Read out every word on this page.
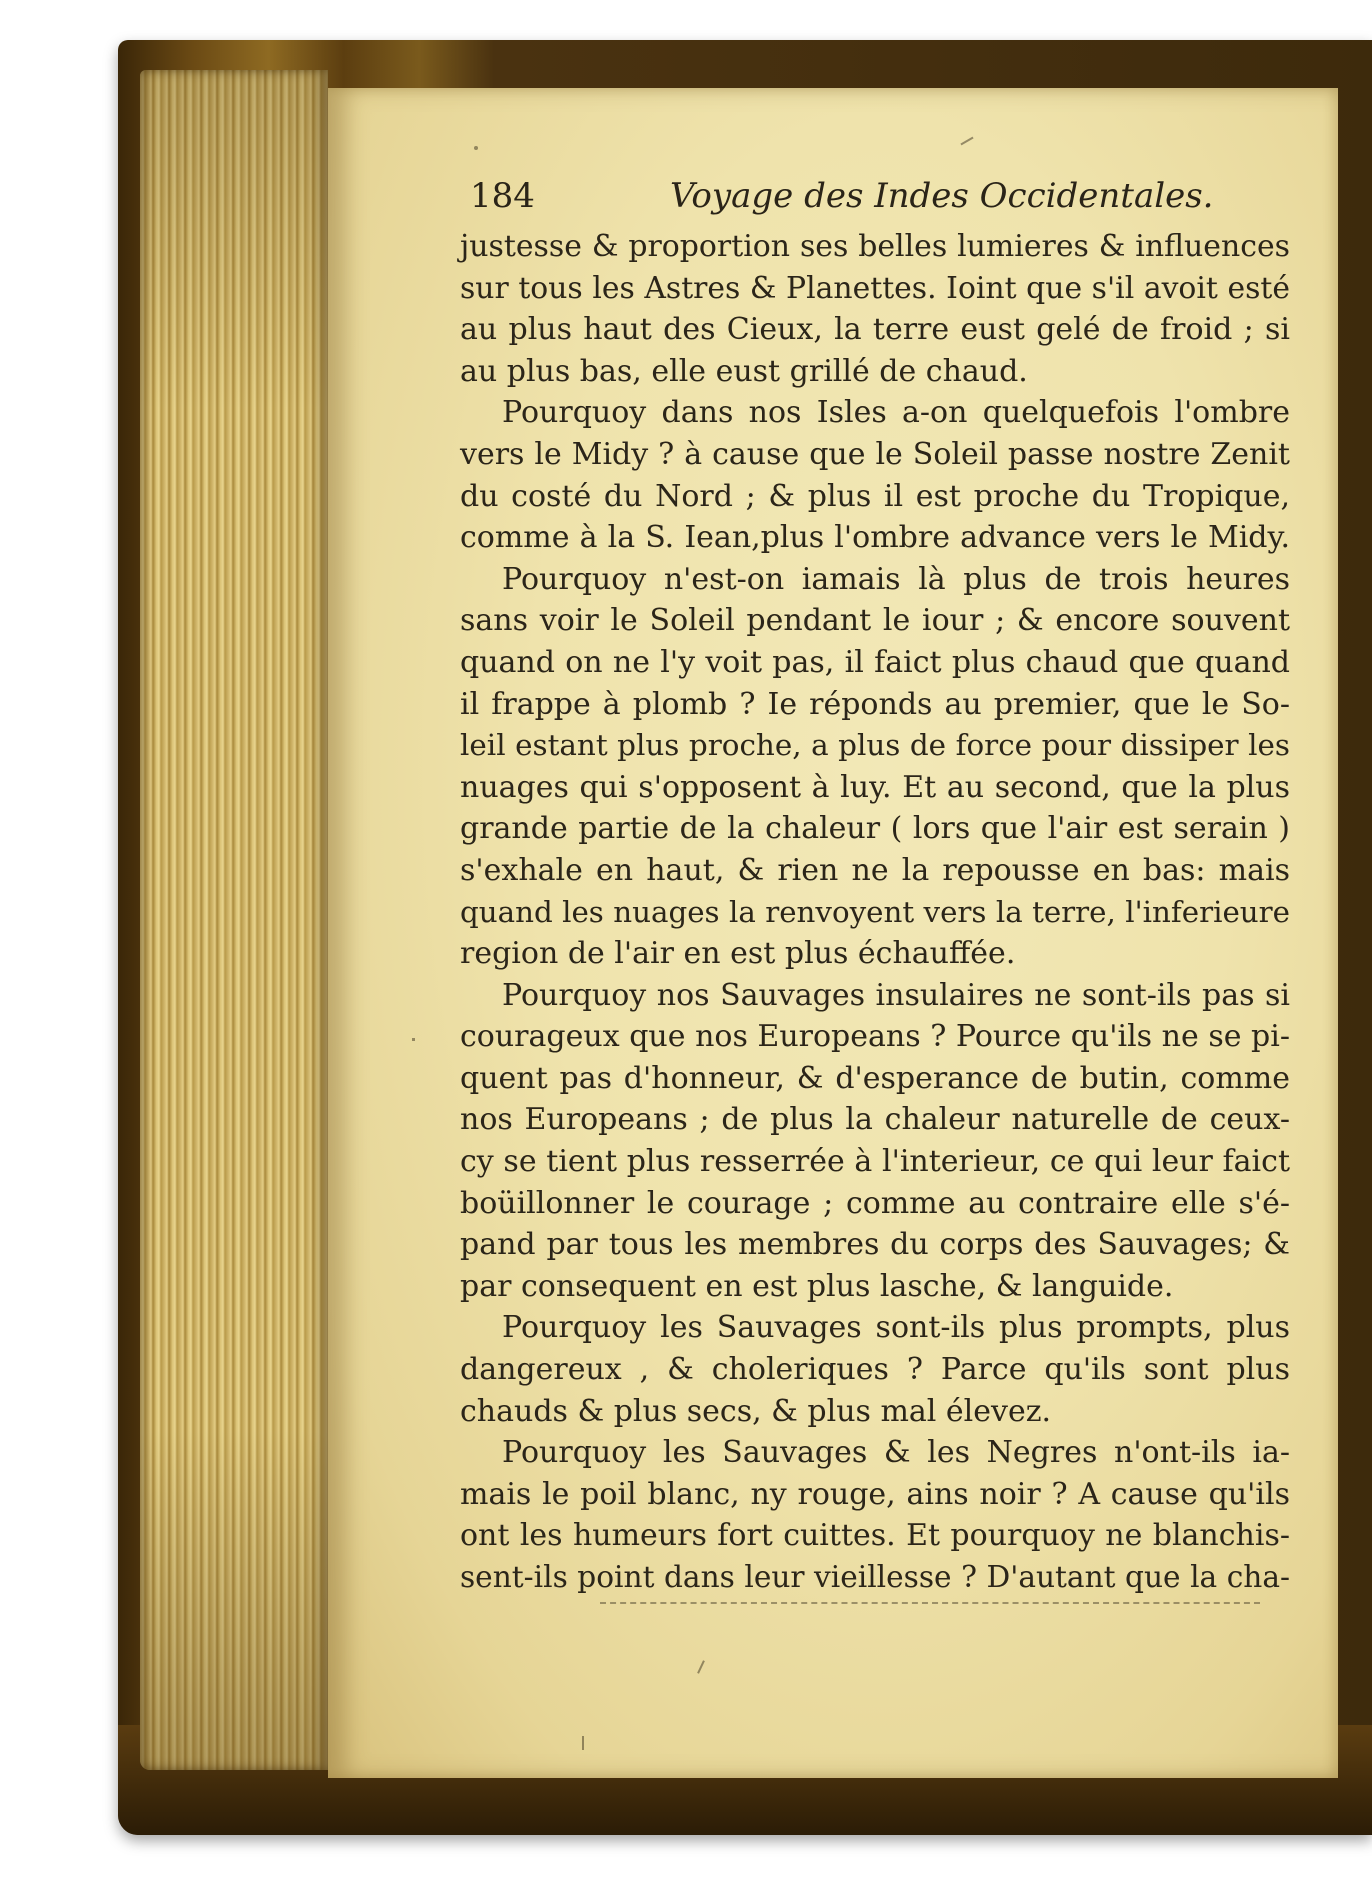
184	Voyage des Indes Occidentales.
justesse & proportion ses belles lumieres & influences
sur tous les Astres & Planettes. Ioint que s'il avoit esté
au plus haut des Cieux, la terre eust gelé de froid ; si
au plus bas, elle eust grillé de chaud.
Pourquoy dans nos Isles a-on quelquefois l'ombre
vers le Midy ? à cause que le Soleil passe nostre Zenit
du costé du Nord ; & plus il est proche du Tropique,
comme à la S. Iean,plus l'ombre advance vers le Midy.
Pourquoy n'est-on iamais là plus de trois heures
sans voir le Soleil pendant le iour ; & encore souvent
quand on ne l'y voit pas, il faict plus chaud que quand
il frappe à plomb ? Ie réponds au premier, que le So-
leil estant plus proche, a plus de force pour dissiper les
nuages qui s'opposent à luy. Et au second, que la plus
grande partie de la chaleur ( lors que l'air est serain )
s'exhale en haut, & rien ne la repousse en bas: mais
quand les nuages la renvoyent vers la terre, l'inferieure
region de l'air en est plus échauffée.
Pourquoy nos Sauvages insulaires ne sont-ils pas si
courageux que nos Europeans ? Pource qu'ils ne se pi-
quent pas d'honneur, & d'esperance de butin, comme
nos Europeans ; de plus la chaleur naturelle de ceux-
cy se tient plus resserrée à l'interieur, ce qui leur faict
boüillonner le courage ; comme au contraire elle s'é-
pand par tous les membres du corps des Sauvages; &
par consequent en est plus lasche, & languide.
Pourquoy les Sauvages sont-ils plus prompts, plus
dangereux , & choleriques ? Parce qu'ils sont plus
chauds & plus secs, & plus mal élevez.
Pourquoy les Sauvages & les Negres n'ont-ils ia-
mais le poil blanc, ny rouge, ains noir ? A cause qu'ils
ont les humeurs fort cuittes. Et pourquoy ne blanchis-
sent-ils point dans leur vieillesse ? D'autant que la cha-
